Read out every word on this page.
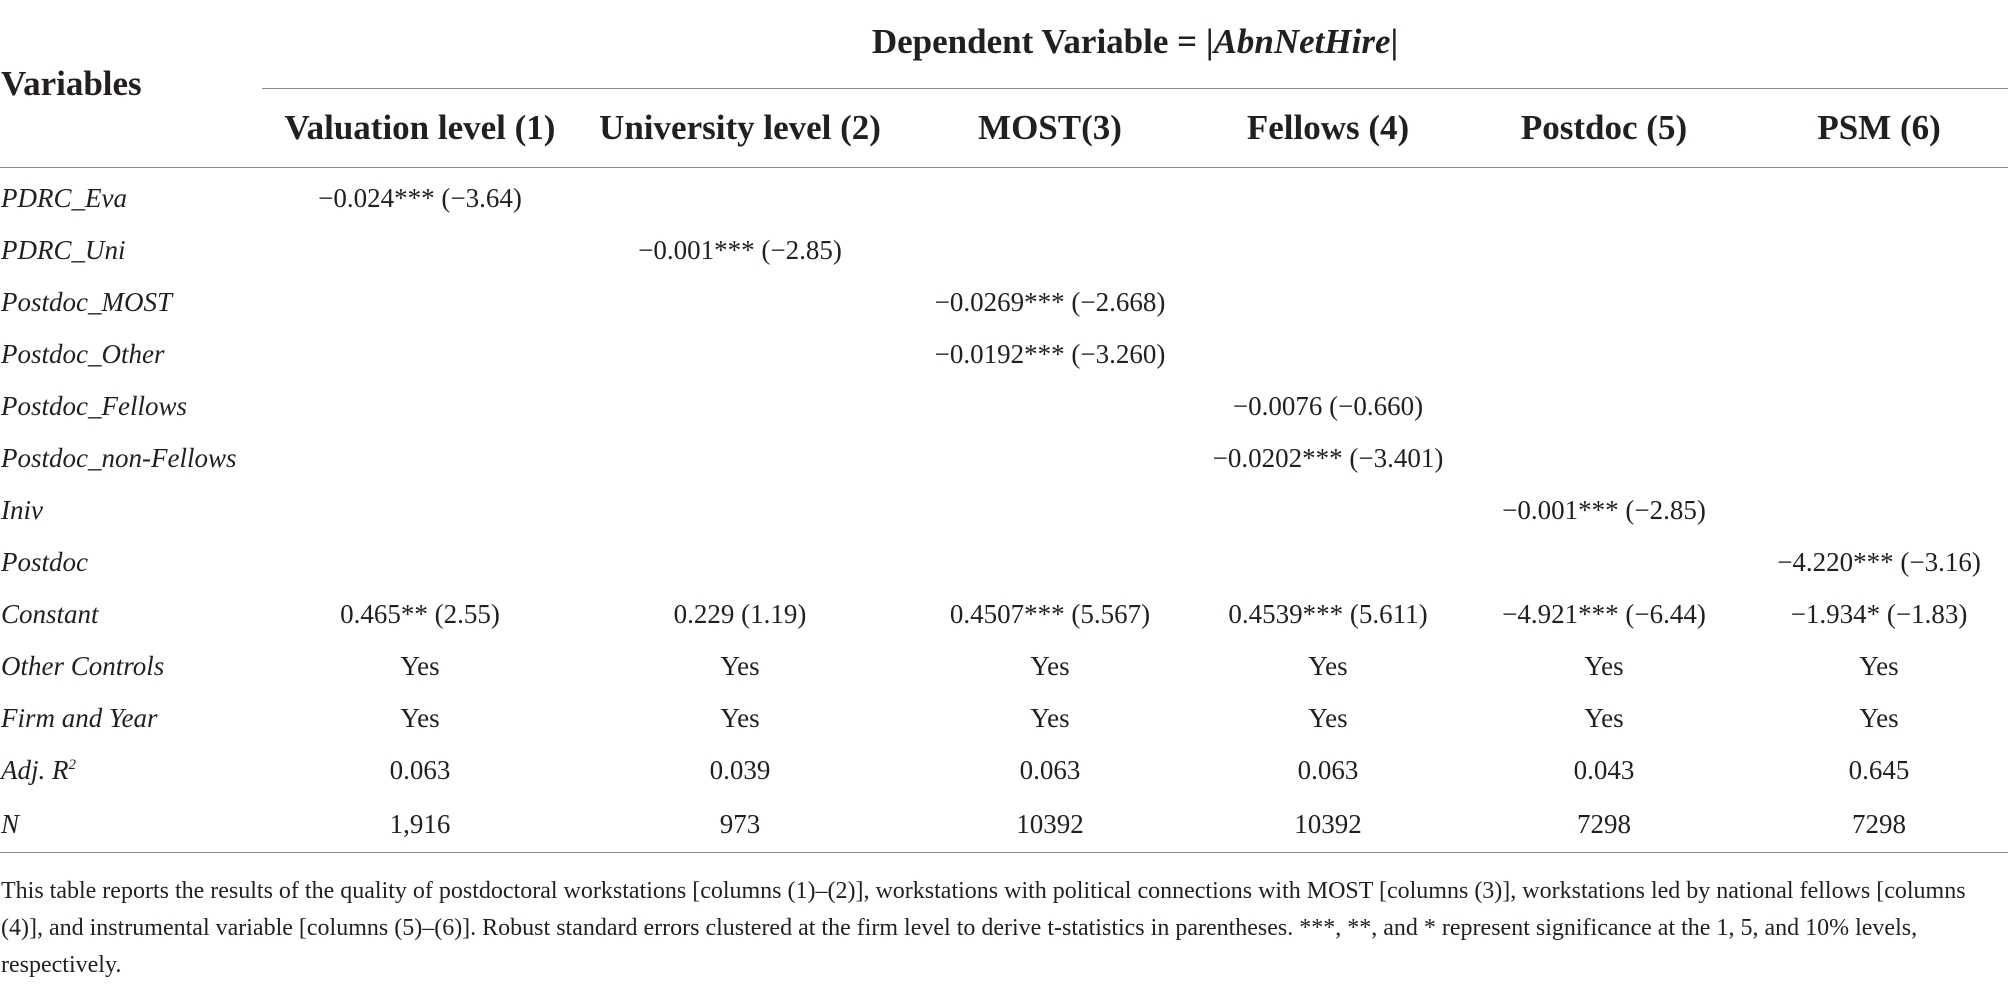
Variables	Dependent Variable = |AbnNetHire|					
	Valuation level (1)	University level (2)	MOST(3)	Fellows (4)	Postdoc (5)	PSM (6)
PDRC_Eva	−0.024*** (−3.64)					
PDRC_Uni		−0.001*** (−2.85)				
Postdoc_MOST			−0.0269*** (−2.668)			
Postdoc_Other			−0.0192*** (−3.260)			
Postdoc_Fellows				−0.0076 (−0.660)		
Postdoc_non-Fellows				−0.0202*** (−3.401)		
Iniv					−0.001*** (−2.85)	
Postdoc						−4.220*** (−3.16)
Constant	0.465** (2.55)	0.229 (1.19)	0.4507*** (5.567)	0.4539*** (5.611)	−4.921*** (−6.44)	−1.934* (−1.83)
Other Controls	Yes	Yes	Yes	Yes	Yes	Yes
Firm and Year	Yes	Yes	Yes	Yes	Yes	Yes
Adj. $R^2$	0.063	0.039	0.063	0.063	0.043	0.645
N	1,916	973	10392	10392	7298	7298
This table reports the results of the quality of postdoctoral workstations [columns (1)–(2)], workstations with political connections with MOST [columns (3)], workstations led by national fellows [columns (4)], and instrumental variable [columns (5)–(6)]. Robust standard errors clustered at the firm level to derive t-statistics in parentheses. ***, **, and * represent significance at the 1, 5, and 10% levels, respectively.
